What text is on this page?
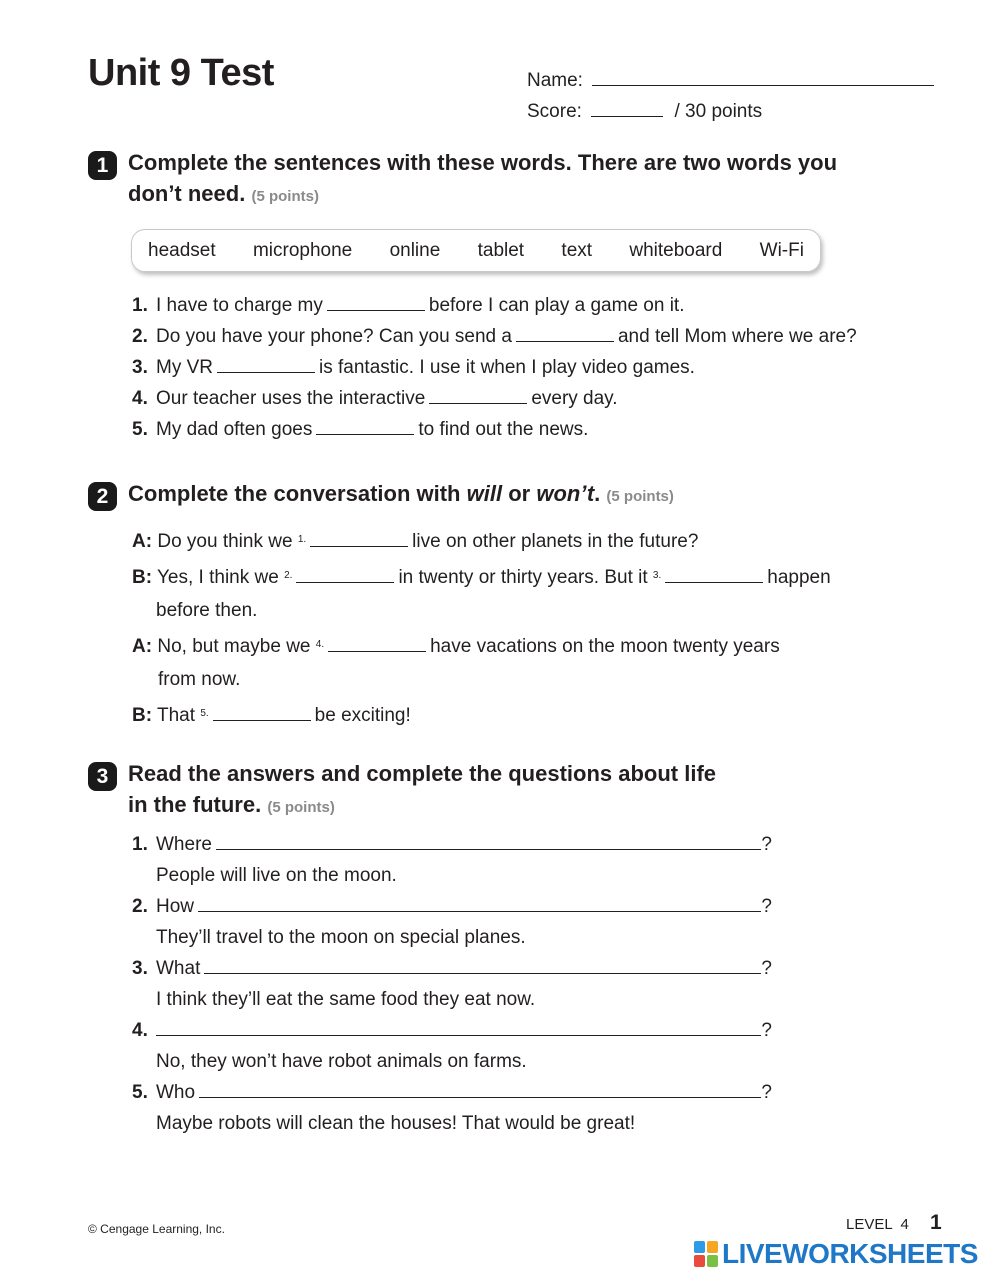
Unit 9 Test	Name:
Score:	/ 30 points
1 Complete the sentences with these words. There are two words you
don’t need. (5 points)
headset microphone online tablet text whiteboard Wi-Fi
1. I have to charge my	before I can play a game on it.
2. Do you have your phone? Can you send a	and tell Mom where we are?
3. My VR	is fantastic. I use it when I play video games.
4. Our teacher uses the interactive	every day.
5. My dad often goes	to find out the news.
2 Complete the conversation with will or won’t. (5 points)
A: Do you think we $^{1.}$	live on other planets in the future?
B: Yes, I think we $^{2.}$	in twenty or thirty years. But it $^{3.}$	happen
before then.
A: No, but maybe we $^{4.}$	have vacations on the moon twenty years
from now.
B: That $^{5.}$	be exciting!
3 Read the answers and complete the questions about life
in the future. (5 points)
1. Where	?
People will live on the moon.
2. How	?
They’ll travel to the moon on special planes.
3. What	?
I think they’ll eat the same food they eat now.
4.	?
No, they won’t have robot animals on farms.
5. Who	?
Maybe robots will clean the houses! That would be great!
© Cengage Learning, Inc.	LEVEL  4 1
LIVEWORKSHEETS
